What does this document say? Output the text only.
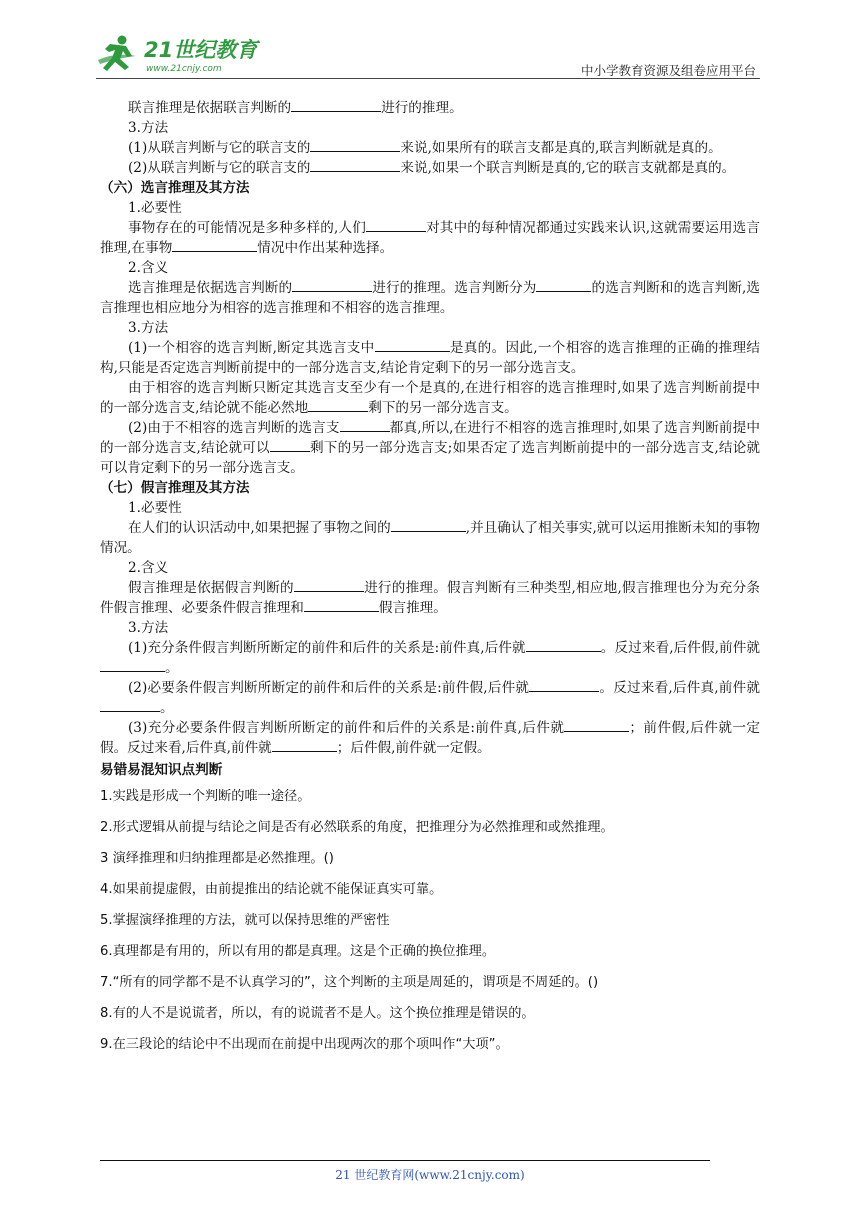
21世纪教育
www.21cnjy.com	中小学教育资源及组卷应用平台

联言推理是依据联言判断的	进行的推理。

3.方法

(1)从联言判断与它的联言支的	来说,如果所有的联言支都是真的,联言判断就是真的。

(2)从联言判断与它的联言支的	来说,如果一个联言判断是真的,它的联言支就都是真的。

（六）选言推理及其方法

1.必要性

事物存在的可能情况是多种多样的,人们	对其中的每种情况都通过实践来认识,这就需要运用选言推理,在事物	情况中作出某种选择。

2.含义

选言推理是依据选言判断的	进行的推理。选言判断分为	的选言判断和的选言判断,选言推理也相应地分为相容的选言推理和不相容的选言推理。

3.方法

(1)一个相容的选言判断,断定其选言支中	是真的。因此,一个相容的选言推理的正确的推理结构,只能是否定选言判断前提中的一部分选言支,结论肯定剩下的另一部分选言支。

由于相容的选言判断只断定其选言支至少有一个是真的,在进行相容的选言推理时,如果了选言判断前提中的一部分选言支,结论就不能必然地	剩下的另一部分选言支。

(2)由于不相容的选言判断的选言支	都真,所以,在进行不相容的选言推理时,如果了选言判断前提中的一部分选言支,结论就可以	剩下的另一部分选言支;如果否定了选言判断前提中的一部分选言支,结论就可以肯定剩下的另一部分选言支。

（七）假言推理及其方法

1.必要性

在人们的认识活动中,如果把握了事物之间的	,并且确认了相关事实,就可以运用推断未知的事物情况。

2.含义

假言推理是依据假言判断的	进行的推理。假言判断有三种类型,相应地,假言推理也分为充分条件假言推理、必要条件假言推理和	假言推理。

3.方法

(1)充分条件假言判断所断定的前件和后件的关系是:前件真,后件就	。反过来看,后件假,前件就。

(2)必要条件假言判断所断定的前件和后件的关系是:前件假,后件就	。反过来看,后件真,前件就。

(3)充分必要条件假言判断所断定的前件和后件的关系是:前件真,后件就	；前件假,后件就一定假。反过来看,后件真,前件就	；后件假,前件就一定假。

易错易混知识点判断

1.实践是形成一个判断的唯一途径。

2.形式逻辑从前提与结论之间是否有必然联系的角度，把推理分为必然推理和或然推理。

3 演绎推理和归纳推理都是必然推理。()

4.如果前提虚假，由前提推出的结论就不能保证真实可靠。

5.掌握演绎推理的方法，就可以保持思维的严密性

6.真理都是有用的，所以有用的都是真理。这是个正确的换位推理。

7.“所有的同学都不是不认真学习的”，这个判断的主项是周延的，谓项是不周延的。()

8.有的人不是说谎者，所以，有的说谎者不是人。这个换位推理是错误的。

9.在三段论的结论中不出现而在前提中出现两次的那个项叫作“大项”。

21 世纪教育网(www.21cnjy.com)
